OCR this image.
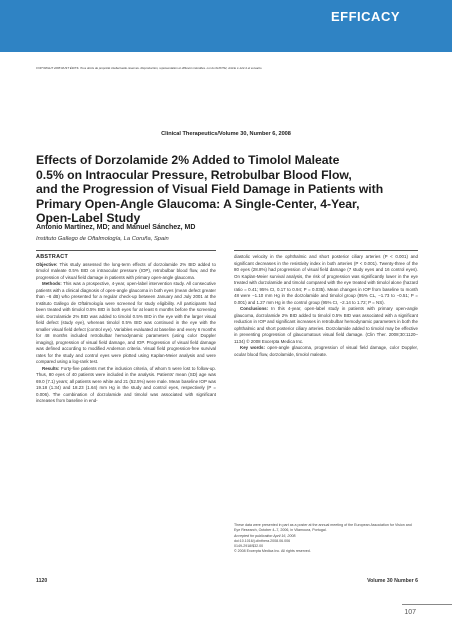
EFFICACY
COPYRIGHT 2008 RUST ÉDITS. Tous droits de propriété intellectuelle réservés. Reproduction, représentation et diffusion interdites. Loi du 01/07/92, Article 1-122-4 et suivants.
Clinical Therapeutics/Volume 30, Number 6, 2008
Effects of Dorzolamide 2% Added to Timolol Maleate
0.5% on Intraocular Pressure, Retrobulbar Blood Flow,
and the Progression of Visual Field Damage in Patients with
Primary Open-Angle Glaucoma: A Single-Center, 4-Year,
Open-Label Study
Antonio Martínez, MD; and Manuel Sánchez, MD
Instituto Gallego de Oftalmología, La Coruña, Spain

ABSTRACT

Objective: This study assessed the long-term effects of dorzolamide 2% BID added to timolol maleate 0.5% BID on intraocular pressure (IOP), retrobulbar blood flow, and the progression of visual field damage in patients with primary open-angle glaucoma.

Methods: This was a prospective, 4-year, open-label intervention study. All consecutive patients with a clinical diagnosis of open-angle glaucoma in both eyes (mean defect greater than −6 dB) who presented for a regular check-up between January and July 2001 at the Instituto Gallego de Oftalmología were screened for study eligibility. All participants had been treated with timolol 0.5% BID in both eyes for at least 6 months before the screening visit. Dorzolamide 2% BID was added to timolol 0.5% BID in the eye with the larger visual field defect (study eye), whereas timolol 0.5% BID was continued in the eye with the smaller visual field defect (control eye). Variables evaluated at baseline and every 6 months for 48 months included retrobulbar hemodynamic parameters (using color Doppler imaging), progression of visual field damage, and IOP. Progression of visual field damage was defined according to modified Anderson criteria. Visual field progression-free survival rates for the study and control eyes were plotted using Kaplan-Meier analysis and were compared using a log-rank test.

Results: Forty-five patients met the inclusion criteria, of whom 5 were lost to follow-up. Thus, 80 eyes of 40 patients were included in the analysis. Patients' mean (SD) age was 69.0 (7.1) years; all patients were white and 21 (52.5%) were male. Mean baseline IOP was 19.18 (1.34) and 18.23 (1.64) mm Hg in the study and control eyes, respectively (P = 0.006). The combination of dorzolamide and timolol was associated with significant increases from baseline in end-

diastolic velocity in the ophthalmic and short posterior ciliary arteries (P < 0.001) and significant decreases in the resistivity index in both arteries (P < 0.001). Twenty-three of the 80 eyes (28.8%) had progression of visual field damage (7 study eyes and 16 control eyes). On Kaplan-Meier survival analysis, the risk of progression was significantly lower in the eye treated with dorzolamide and timolol compared with the eye treated with timolol alone (hazard ratio = 0.41; 95% CI, 0.17 to 0.94; P = 0.035). Mean changes in IOP from baseline to month 48 were −1.10 mm Hg in the dorzolamide and timolol group (95% CL, −1.73 to −0.51; P = 0.001) and 1.27 mm Hg in the control group (95% CI, −2.14 to 1.72; P = NS).

Conclusions: In this 4-year, open-label study in patients with primary open-angle glaucoma, dorzolamide 2% BID added to timolol 0.5% BID was associated with a significant reduction in IOP and significant increases in retrobulbar hemodynamic parameters in both the ophthalmic and short posterior ciliary arteries. Dorzolamide added to timolol may be effective in preventing progression of glaucomatous visual field damage. (Clin Ther. 2008;30:1120–1134) © 2008 Excerpta Medica Inc.

Key words: open-angle glaucoma, progression of visual field damage, color Doppler, ocular blood flow, dorzolamide, timolol maleate.

These data were presented in part as a poster at the annual meeting of the European Association for Vision and Eye Research, October 4–7, 2006, in Vilamoura, Portugal.

Accepted for publication April 16, 2008.

doi:10.1016/j.clinthera.2008.06.006

0149-2918/$32.00

© 2008 Excerpta Medica Inc. All rights reserved.

1120	Volume 30 Number 6
107
